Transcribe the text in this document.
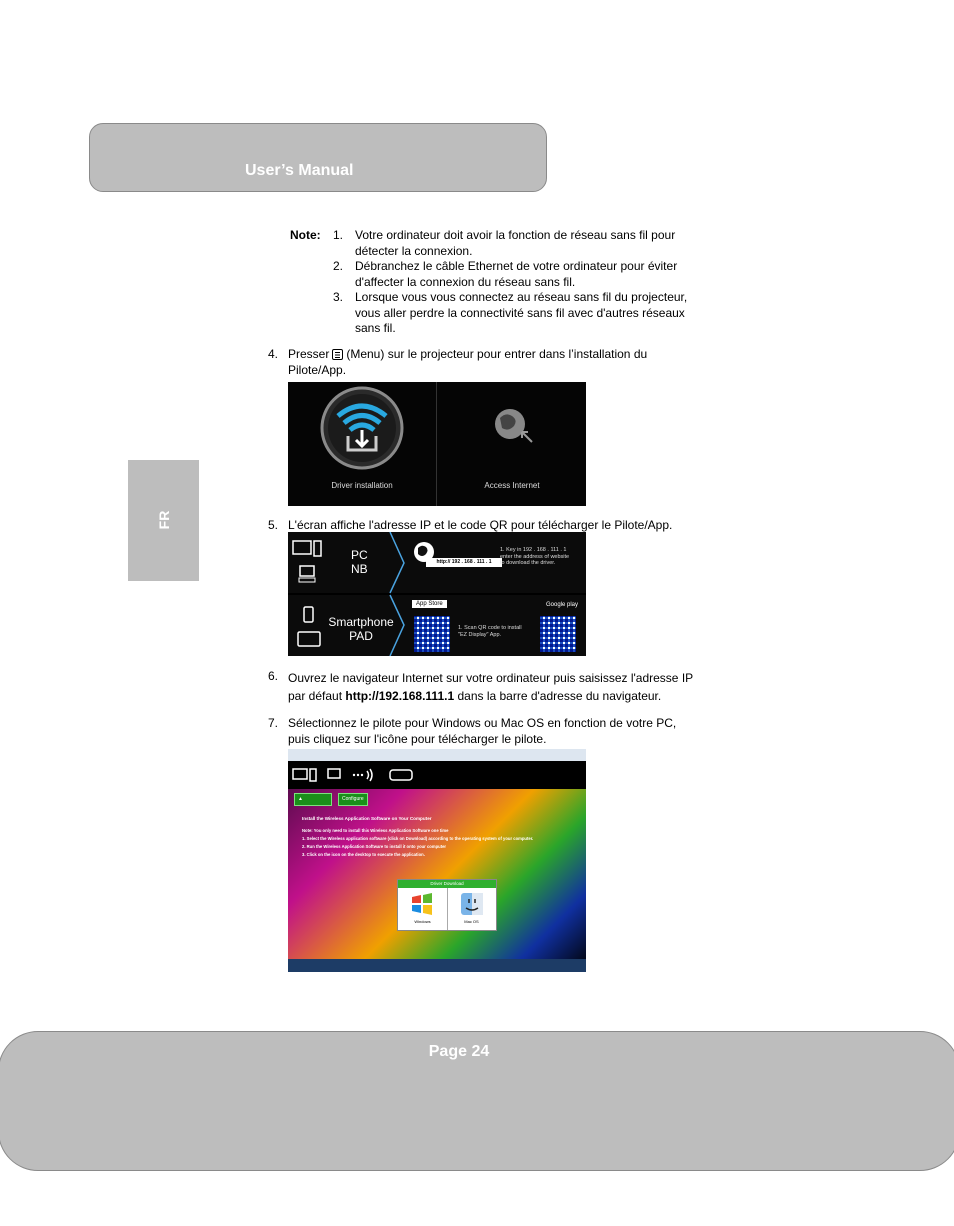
User’s Manual
FR
Note: 1. Votre ordinateur doit avoir la fonction de réseau sans fil pour
détecter la connexion.
2. Débranchez le câble Ethernet de votre ordinateur pour éviter
d'affecter la connexion du réseau sans fil.
3. Lorsque vous vous connectez au réseau sans fil du projecteur,
vous aller perdre la connectivité sans fil avec d'autres réseaux
sans fil.
4. Presser (Menu) sur le projecteur pour entrer dans l’installation du
Pilote/App.
Driver installation	Access Internet
5. L'écran affiche l'adresse IP et le code QR pour télécharger le Pilote/App.
PC
NB	http:// 192 . 168 . 111 . 1
1. Key in 192 . 168 . 111 . 1
enter the address of website
to download the driver.
Smartphone
PAD
App Store
1. Scan QR code to install
"EZ Display" App.
Google play
6. Ouvrez le navigateur Internet sur votre ordinateur puis saisissez l'adresse IP
par défaut http://192.168.111.1 dans la barre d'adresse du navigateur.
7. Sélectionnez le pilote pour Windows ou Mac OS en fonction de votre PC,
puis cliquez sur l'icône pour télécharger le pilote.
▲	Configure
Install the Wireless Application Software on Your Computer
Note: You only need to install this Wireless Application Software one time
1. Select the Wireless application software (click on Download) according to the operating system of your computer.
2. Run the Wireless Application Software to install it onto your computer
3. Click on the icon on the desktop to execute the application.
Driver Download
Windows	Mac OS
Page 24
